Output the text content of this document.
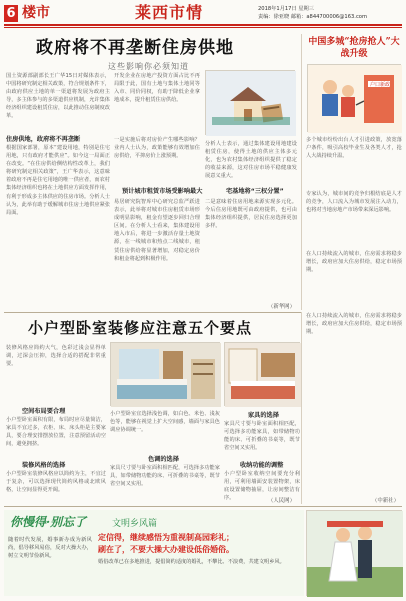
6 楼市	莱西市情	2018年1月17日 星期三
责编：徐亚晓 邮箱：a844700006@163.com
政府将不再垄断住房供地
这些影响你必须知道
国土资源部副部长王广华15日对媒体表示，中国将研究制定相关政策，符合规划条件下，由政府供应土地的单一渠道将发展为政府主导，多主体参与的多渠道供应机制，允许集体经济组织建设租赁住房，以此推动住房制度改革。
住房供地，政府将不再垄断
根据国家部署，原本“建设用地，特别是住宅用地，只有政府才能供应”。如今这一局面正在改变。“在住房供给侧结构性改革上，我们将研究制定相关政策”，王广华表示，这意味着政府不再是住宅用地的唯一供应者，而农村集体经济组织也将在土地供应方面发挥作用，有利于形成多主体供应的住房市场。分析人士认为，此举有助于缓解城市住房土地供应紧张局面。
开发企业在房地产投资方面占比不再局限于此，国有土地与集体土地同等入市、同价同权，有助于降低企业拿地成本，提升租赁住房供给。
一是实施后将对房价产生哪些影响？业内人士认为，政策能够有效增加住房供给，平抑房价上涨预期。
预计城市租赁市场受影响最大
易居研究院智库中心研究总监严跃进表示，此举将对城市住房租赁市场形成明显影响，租金有望逐步回归合理区间。在分析人士看来，集体建设用地入市后，将进一步激活存量土地资源，在一线城市和热点二线城市，租赁住房供给将显著增加，对稳定房价和租金将起到积极作用。
分析人士表示，通过集体建设用地建设租赁住房，使得土地的供应主体多元化，也为农村集体经济组织提供了稳定的收益来源，这对住房市场平稳健康发展意义重大。
宅基地将“三权分置”
二是意味着住房用地来源实现多元化。今后住房用地既可由政府提供，也可由集体经济组织提供，居民住房选择更加多样。
（新华网）
中国多城“抢房抢人”大战升级
户口新政
多个城市纷纷出台人才引进政策，放宽落户条件，吸引高校毕业生及各类人才，抢人大战持续升温。
专家认为，城市间的竞争归根结底是人才的竞争，人口流入为城市发展注入动力，也将对当地房地产市场带来深远影响。
在人口持续流入的城市，住房需求将稳步增长，政府应加大住房供给，稳定市场预期。
小户型卧室装修应注意五个要点
装修风格应简约大气，色彩过浅会显得单调，过深会压抑，选择合适的搭配非常重要。
空间布局要合理
小户型卧室面积有限，布局时应尽量简洁，家具不宜过多，衣柜、床、床头柜是主要家具，要合理安排摆放位置，注意预留活动空间，避免拥挤。
装修风格的选择
小户型卧室装修风格应以简约为主，不宜过于复杂，可以选择现代简约风格或北欧风格，让空间显得更开阔。
小户型卧室宜选择浅色调，如白色、米色、浅灰色等，能够在视觉上扩大空间感，墙面与家具色调应协调统一。
色调的选择
家具尺寸要与卧室面积相匹配，可选择多功能家具，如带储物功能的床、可折叠的书桌等，既节省空间又实用。
家具的选择
家具尺寸要与卧室面积相匹配，可选择多功能家具，如带储物功能的床、可折叠的书桌等，既节省空间又实用。
收纳功能的调整
小户型卧室收纳空间要充分利用，可利用墙面安装置物架，床底设置储物抽屉，让房间整洁有序。	（人民网）
在人口持续流入的城市，住房需求将稳步增长，政府应加大住房供给，稳定市场预期。
（中新社）
你慢得·别忘了	文明乡风篇
随着时代发展，婚事新办成为新风尚，倡导移风易俗，反对大操大办，树立文明节俭新风。
定信得，继续感悟为重视制高园彩礼；
刷在了，不要大操大办建设低俗婚俗。
婚俗改革已在多地推进，提倡简约适度的婚礼，不攀比、不浪费，共建文明乡风。
